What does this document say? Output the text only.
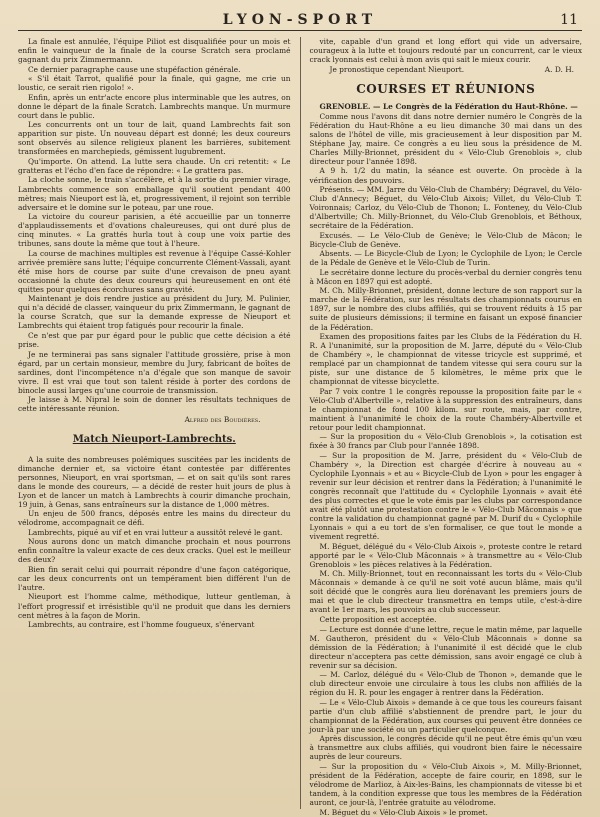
LYON-SPORT	11

La finale est annulée, l'équipe Piliot est disqualifiée pour un mois et enfin le vainqueur de la finale de la course Scratch sera proclamé gagnant du prix Zimmermann.

Ce dernier paragraphe cause une stupéfaction générale.

« S'il était Tarrot, qualifié pour la finale, qui gagne, me crie un loustic, ce serait rien rigolo! ».

Enfin, après un entr'acte encore plus interminable que les autres, on donne le départ de la finale Scratch. Lambrechts manque. Un murmure court dans le public.

Les concurrents ont un tour de lait, quand Lambrechts fait son apparition sur piste. Un nouveau départ est donné; les deux coureurs sont observés au silence religieux planent les barrières, subitement transformées en marchepieds, gémissent lugubrement.

Qu'importe. On attend. La lutte sera chaude. Un cri retentit: « Le gratteras et l'écho d'en face de répondre: « Le grattera pas.

La cloche sonne, le train s'accélère, et à la sortie du premier virage, Lambrechts commence son emballage qu'il soutient pendant 400 mètres; mais Nieuport est là, et, progressivement, il rejoint son terrible adversaire et le domine sur le poteau, par une roue.

La victoire du coureur parisien, a été accueillie par un tonnerre d'applaudissements et d'ovations chaleureuses, qui ont duré plus de cinq minutes. « La grattés hurla tout à coup une voix partie des tribunes, sans doute la même que tout à l'heure.

La course de machines multiples est revenue à l'équipe Cassé-Kohler arrivée première sans lutte; l'équipe concurrente Clément-Vassali, ayant été mise hors de course par suite d'une crevaison de pneu ayant occasionné la chute des deux coureurs qui heureusement en ont été quittes pour quelques écorchures sans gravité.

Maintenant je dois rendre justice au président du Jury, M. Pulinier, qui n'a décidé de classer, vainqueur du prix Zimmermann, le gagnant de la course Scratch, que sur la demande expresse de Nieuport et Lambrechts qui étaient trop fatigués pour recourir la finale.

Ce n'est que par pur égard pour le public que cette décision a été prise.

Je ne terminerai pas sans signaler l'attitude grossière, prise à mon égard, par un certain monsieur, membre du Jury, fabricant de boîtes de sardines, dont l'incompétence n'a d'égale que son manque de savoir vivre. Il est vrai que tout son talent réside à porter des cordons de binocle aussi larges qu'une courroie de transmission.

Je laisse à M. Nipral le soin de donner les résultats techniques de cette intéressante réunion.

Alfred des Boudières.
Match Nieuport-Lambrechts.

A la suite des nombreuses polémiques suscitées par les incidents de dimanche dernier et, sa victoire étant contestée par différentes personnes, Nieuport, en vrai sportsman, — et on sait qu'ils sont rares dans le monde des coureurs, — a décidé de rester huit jours de plus à Lyon et de lancer un match à Lambrechts à courir dimanche prochain, 19 juin, à Genas, sans entraîneurs sur la distance de 1,000 mètres.

Un enjeu de 500 francs, déposés entre les mains du directeur du vélodrome, accompagnait ce défi.

Lambrechts, piqué au vif et en vrai lutteur a aussitôt relevé le gant.

Nous aurons donc un match dimanche prochain et nous pourrons enfin connaître la valeur exacte de ces deux cracks. Quel est le meilleur des deux?

Bien fin serait celui qui pourrait répondre d'une façon catégorique, car les deux concurrents ont un tempérament bien différent l'un de l'autre.

Nieuport est l'homme calme, méthodique, lutteur gentleman, à l'effort progressif et irrésistible qu'il ne produit que dans les derniers cent mètres à la façon de Morin.

Lambrechts, au contraire, est l'homme fougueux, s'énervant

vite, capable d'un grand et long effort qui vide un adversaire, courageux à la lutte et toujours redouté par un concurrent, car le vieux crack lyonnais est celui à mon avis qui sait le mieux courir.

Je pronostique cependant Nieuport.	A. D. H.
COURSES ET RÉUNIONS

GRENOBLE. — Le Congrès de la Fédération du Haut-Rhône. —

Comme nous l'avons dit dans notre dernier numéro le Congrès de la Fédération du Haut-Rhône a eu lieu dimanche 30 mai dans un des salons de l'hôtel de ville, mis gracieusement à leur disposition par M. Stéphane Jay, maire. Ce congrès a eu lieu sous la présidence de M. Charles Milly-Brionnet, président du « Vélo-Club Grenoblois », club directeur pour l'année 1898.

A 9 h. 1/2 du matin, la séance est ouverte. On procède à la vérification des pouvoirs.

Présents. — MM. Jarre du Vélo-Club de Chambéry; Dégravel, du Vélo-Club d'Annecy; Béguet, du Vélo-Club Aixois; Villet, du Vélo-Club T. Voironnais; Carloz, du Vélo-Club de Thonon; L. Fonteney, du Vélo-Club d'Albertville; Ch. Milly-Brionnet, du Vélo-Club Grenoblois, et Béthoux, secrétaire de la Fédération.

Excusés. — Le Vélo-Club de Genève; le Vélo-Club de Mâcon; le Bicycle-Club de Genève.

Absents. — Le Bicycle-Club de Lyon; le Cyclophile de Lyon; le Cercle de la Pédale de Genève et le Vélo-Club de Turin.

Le secrétaire donne lecture du procès-verbal du dernier congrès tenu à Mâcon en 1897 qui est adopté.

M. Ch. Milly-Brionnet, président, donne lecture de son rapport sur la marche de la Fédération, sur les résultats des championnats courus en 1897, sur le nombre des clubs affiliés, qui se trouvent réduits à 15 par suite de plusieurs démissions; il termine en faisant un exposé financier de la Fédération.

Examen des propositions faites par les Clubs de la Fédération du H. R. A l'unanimité, sur la proposition de M. Jarre, député du « Vélo-Club de Chambéry », le championnat de vitesse tricycle est supprimé, et remplacé par un championnat de tandem vitesse qui sera couru sur la piste, sur une distance de 5 kilomètres, le même prix que le championnat de vitesse bicyclette.

Par 7 voix contre 1 le congrès repousse la proposition faite par le « Vélo-Club d'Albertville », relative à la suppression des entraîneurs, dans le championnat de fond 100 kilom. sur route, mais, par contre, maintient à l'unanimité le choix de la route Chambéry-Albertville et retour pour ledit championnat.

— Sur la proposition du « Vélo-Club Grenoblois », la cotisation est fixée à 30 francs par Club pour l'année 1898.

— Sur la proposition de M. Jarre, président du « Vélo-Club de Chambéry », la Direction est chargée d'écrire à nouveau au « Cyclophile Lyonnais » et au « Bicycle-Club de Lyon » pour les engager à revenir sur leur décision et rentrer dans la Fédération; à l'unanimité le congrès reconnaît que l'attitude du « Cyclophile Lyonnais » avait été des plus correctes et que le vote émis par les clubs par correspondance avait été plutôt une protestation contre le « Vélo-Club Mâconnais » que contre la validation du championnat gagné par M. Durif du « Cyclophile Lyonnais » qui a eu tort de s'en formaliser, ce que tout le monde a vivement regretté.

M. Béguet, délégué du « Vélo-Club Aixois », proteste contre le retard apporté par le « Vélo-Club Mâconnais » à transmettre au « Vélo-Club Grenoblois » les pièces relatives à la Fédération.

M. Ch. Milly-Brionnet, tout en reconnaissant les torts du « Vélo-Club Mâconnais » demande à ce qu'il ne soit voté aucun blâme, mais qu'il soit décidé que le congrès aura lieu dorénavant les premiers jours de mai et que le club directeur transmettra en temps utile, c'est-à-dire avant le 1er mars, les pouvoirs au club successeur.

Cette proposition est acceptée.

— Lecture est donnée d'une lettre, reçue le matin même, par laquelle M. Gautheron, président du « Vélo-Club Mâconnais » donne sa démission de la Fédération; à l'unanimité il est décidé que le club directeur n'acceptera pas cette démission, sans avoir engagé ce club à revenir sur sa décision.

— M. Carloz, délégué du « Vélo-Club de Thonon », demande que le club directeur envoie une circulaire à tous les clubs non affiliés de la région du H. R. pour les engager à rentrer dans la Fédération.

— Le « Vélo-Club Aixois » demande à ce que tous les coureurs faisant partie d'un club affilié s'abstiennent de prendre part, le jour du championnat de la Fédération, aux courses qui peuvent être données ce jour-là par une société ou un particulier quelconque.

Après discussion, le congrès décide qu'il ne peut être émis qu'un vœu à transmettre aux clubs affiliés, qui voudront bien faire le nécessaire auprès de leur coureurs.

— Sur la proposition du « Vélo-Club Aixois », M. Milly-Brionnet, président de la Fédération, accepte de faire courir, en 1898, sur le vélodrome de Marlioz, à Aix-les-Bains, les championnats de vitesse bi et tandem, à la condition expresse que tous les membres de la Fédération auront, ce jour-là, l'entrée gratuite au vélodrome.

M. Béguet du « Vélo-Club Aixois » le promet.
